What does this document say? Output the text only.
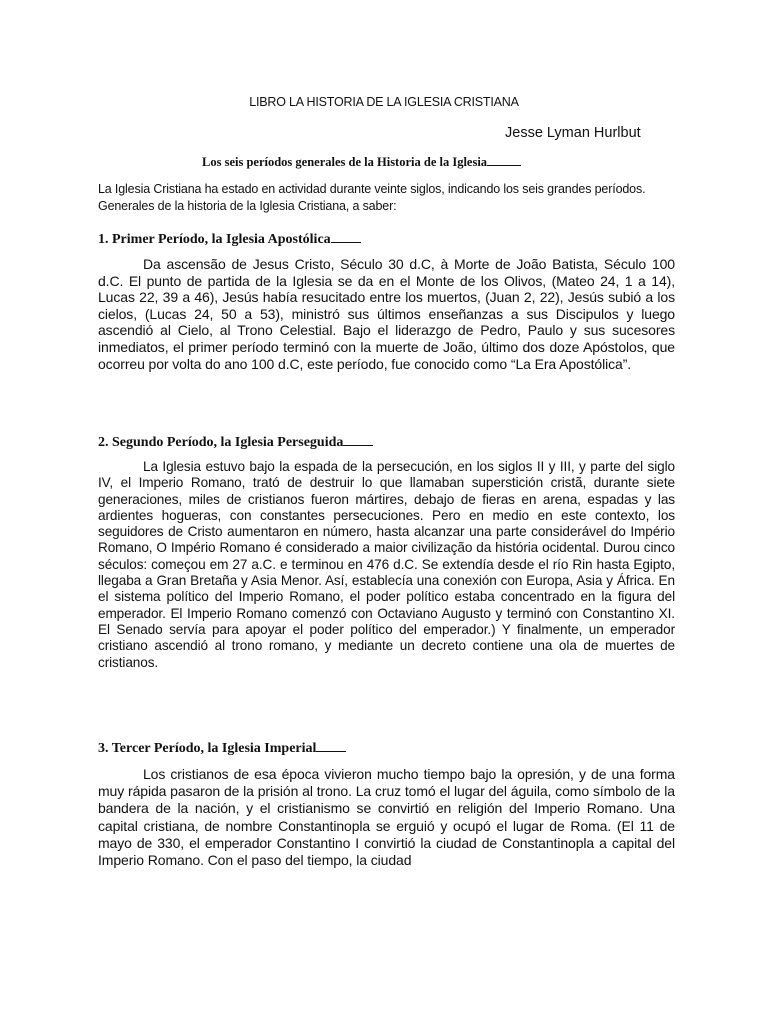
LIBRO LA HISTORIA DE LA IGLESIA CRISTIANA
Jesse Lyman Hurlbut
Los seis períodos generales de la Historia de la Iglesia
La Iglesia Cristiana ha estado en actividad durante veinte siglos, indicando los seis grandes períodos. Generales de la historia de la Iglesia Cristiana, a saber:
1. Primer Período, la Iglesia Apostólica

Da ascensão de Jesus Cristo, Século 30 d.C, à Morte de João Batista, Século 100 d.C. El punto de partida de la Iglesia se da en el Monte de los Olivos, (Mateo 24, 1 a 14), Lucas 22, 39 a 46), Jesús había resucitado entre los muertos, (Juan 2, 22), Jesús subió a los cielos, (Lucas 24, 50 a 53), ministró sus últimos enseñanzas a sus Discipulos y luego ascendió al Cielo, al Trono Celestial. Bajo el liderazgo de Pedro, Paulo y sus sucesores inmediatos, el primer período terminó con la muerte de João, último dos doze Apóstolos, que ocorreu por volta do ano 100 d.C, este período, fue conocido como “La Era Apostólica”.

2. Segundo Período, la Iglesia Perseguida

La Iglesia estuvo bajo la espada de la persecución, en los siglos II y III, y parte del siglo IV, el Imperio Romano, trató de destruir lo que llamaban superstición cristã, durante siete generaciones, miles de cristianos fueron mártires, debajo de fieras en arena, espadas y las ardientes hogueras, con constantes persecuciones. Pero en medio en este contexto, los seguidores de Cristo aumentaron en número, hasta alcanzar una parte considerável do Império Romano, O Império Romano é considerado a maior civilização da história ocidental. Durou cinco séculos: começou em 27 a.C. e terminou en 476 d.C. Se extendía desde el río Rin hasta Egipto, llegaba a Gran Bretaña y Asia Menor. Así, establecía una conexión con Europa, Asia y África. En el sistema político del Imperio Romano, el poder político estaba concentrado en la figura del emperador. El Imperio Romano comenzó con Octaviano Augusto y terminó con Constantino XI. El Senado servía para apoyar el poder político del emperador.) Y finalmente, un emperador cristiano ascendió al trono romano, y mediante un decreto contiene una ola de muertes de cristianos.

3. Tercer Período, la Iglesia Imperial

Los cristianos de esa época vivieron mucho tiempo bajo la opresión, y de una forma muy rápida pasaron de la prisión al trono. La cruz tomó el lugar del águila, como símbolo de la bandera de la nación, y el cristianismo se convirtió en religión del Imperio Romano. Una capital cristiana, de nombre Constantinopla se erguió y ocupó el lugar de Roma. (El 11 de mayo de 330, el emperador Constantino I convirtió la ciudad de Constantinopla a capital del Imperio Romano. Con el paso del tiempo, la ciudad
